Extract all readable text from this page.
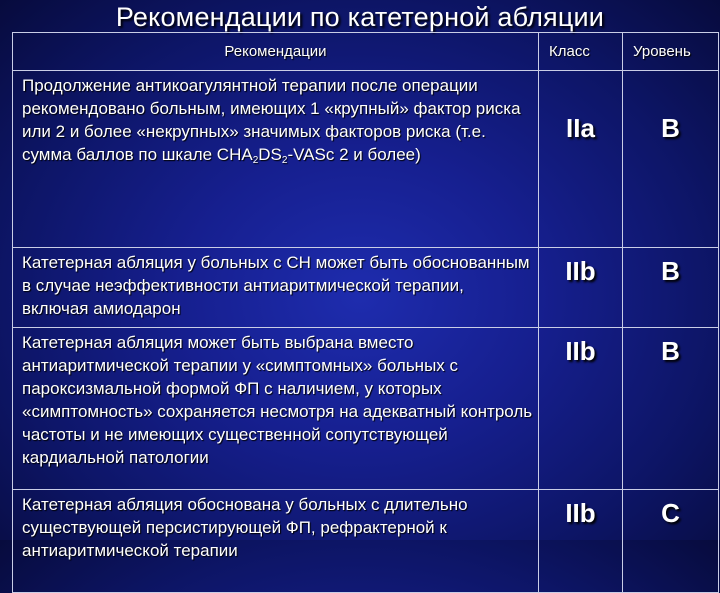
Рекомендации по катетерной абляции
Рекомендации	Класс	Уровень
Продолжение антикоагулянтной терапии после операции рекомендовано больным, имеющих 1 «крупный» фактор риска или 2 и более «некрупных» значимых факторов риска (т.е. сумма баллов по шкале $CHA_2DS_2$-VASc 2 и более)	IIa	B
Катетерная абляция у больных с СН может быть обоснованным в случае неэффективности антиаритмической терапии, включая амиодарон	IIb	B
Катетерная абляция может быть выбрана вместо антиаритмической терапии у «симптомных» больных с пароксизмальной формой ФП с наличием, у которых «симптомность» сохраняется несмотря на адекватный контроль частоты и не имеющих существенной сопутствующей кардиальной патологии	IIb	B
Катетерная абляция обоснована у больных с длительно существующей персистирующей ФП, рефрактерной к антиаритмической терапии	IIb	C
